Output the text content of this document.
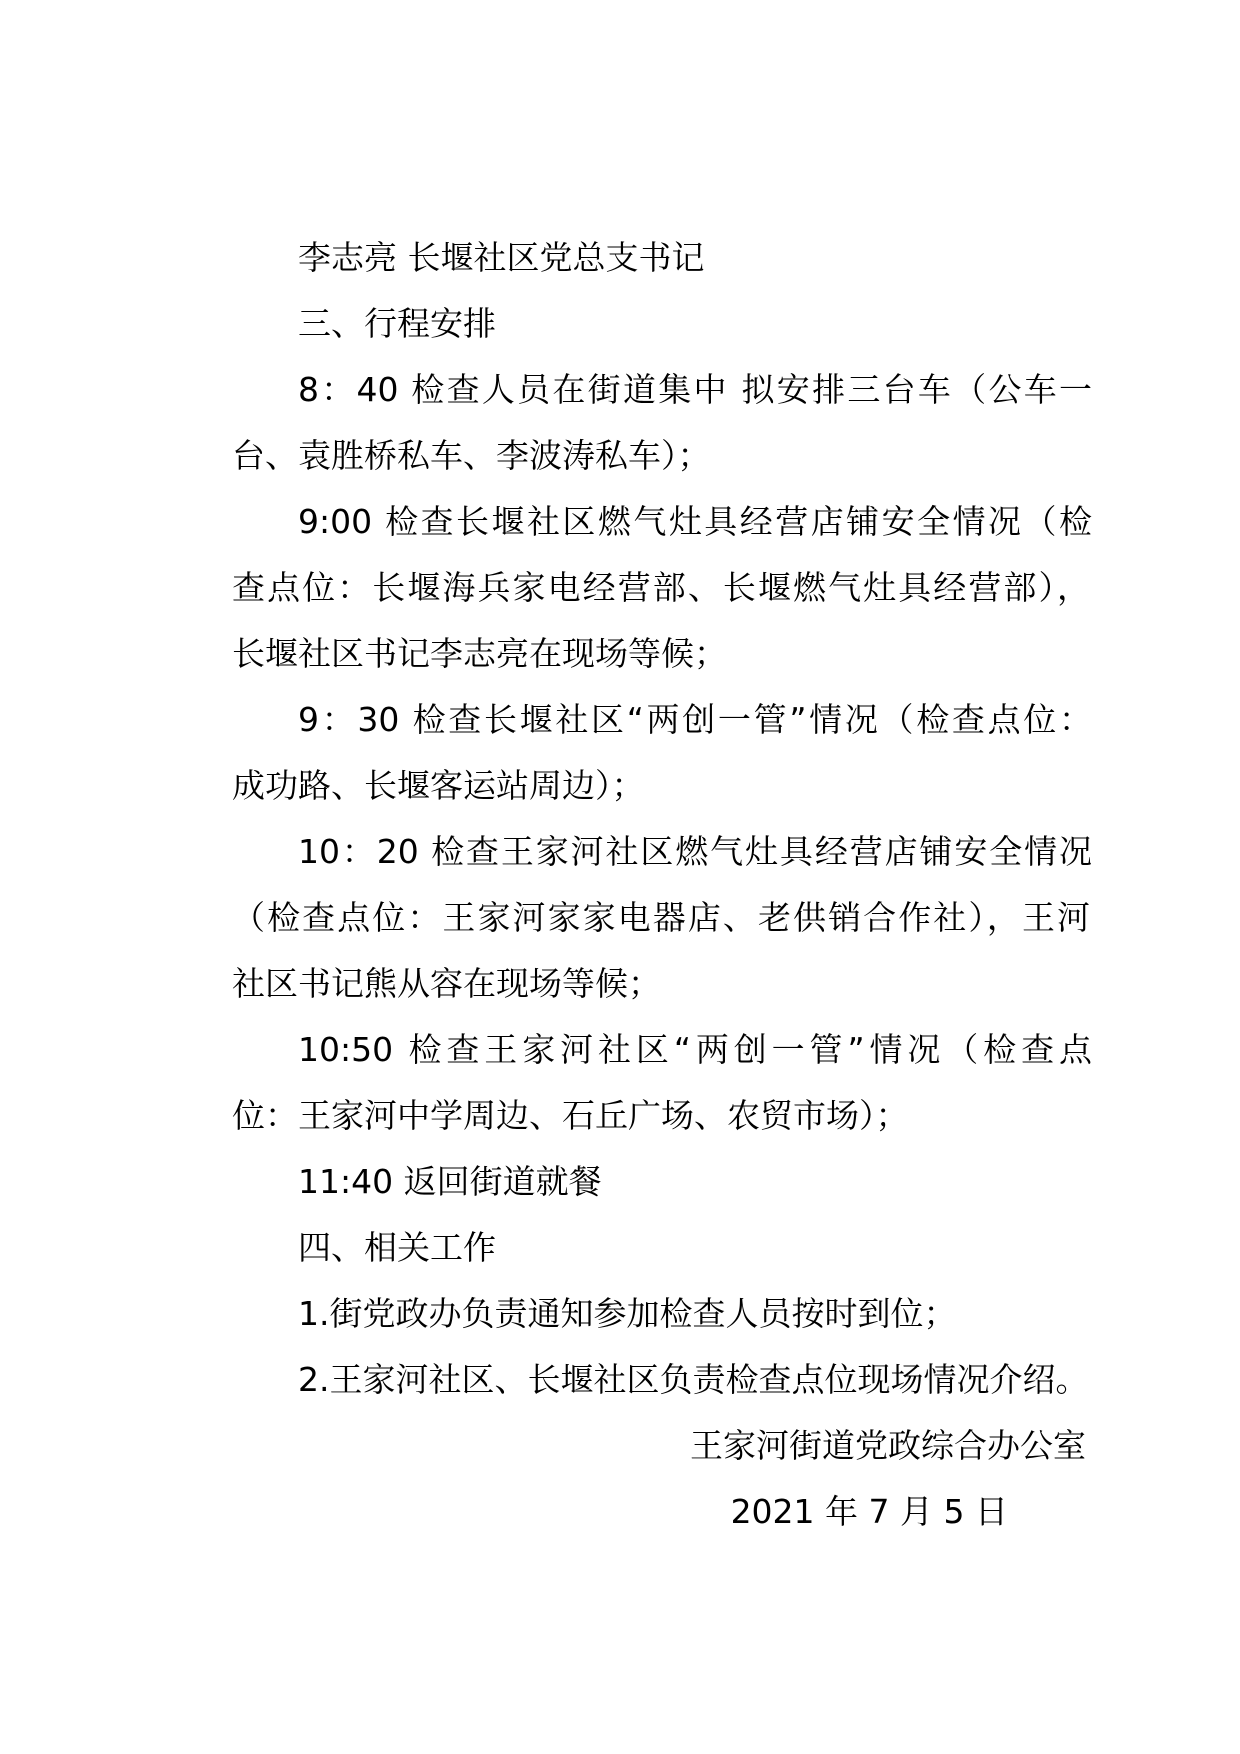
李志亮 长堰社区党总支书记
三、行程安排
8：40 检查人员在街道集中 拟安排三台车（公车一
台、袁胜桥私车、李波涛私车）；
9:00 检查长堰社区燃气灶具经营店铺安全情况（检
查点位：长堰海兵家电经营部、长堰燃气灶具经营部），
长堰社区书记李志亮在现场等候；
9：30 检查长堰社区“两创一管”情况（检查点位：
成功路、长堰客运站周边）；
10：20 检查王家河社区燃气灶具经营店铺安全情况
（检查点位：王家河家家电器店、老供销合作社），王河
社区书记熊从容在现场等候；
10:50 检查王家河社区“两创一管”情况（检查点
位：王家河中学周边、石丘广场、农贸市场）；
11:40 返回街道就餐
四、相关工作
1.街党政办负责通知参加检查人员按时到位；
2.王家河社区、长堰社区负责检查点位现场情况介绍。
王家河街道党政综合办公室
2021 年 7 月 5 日
